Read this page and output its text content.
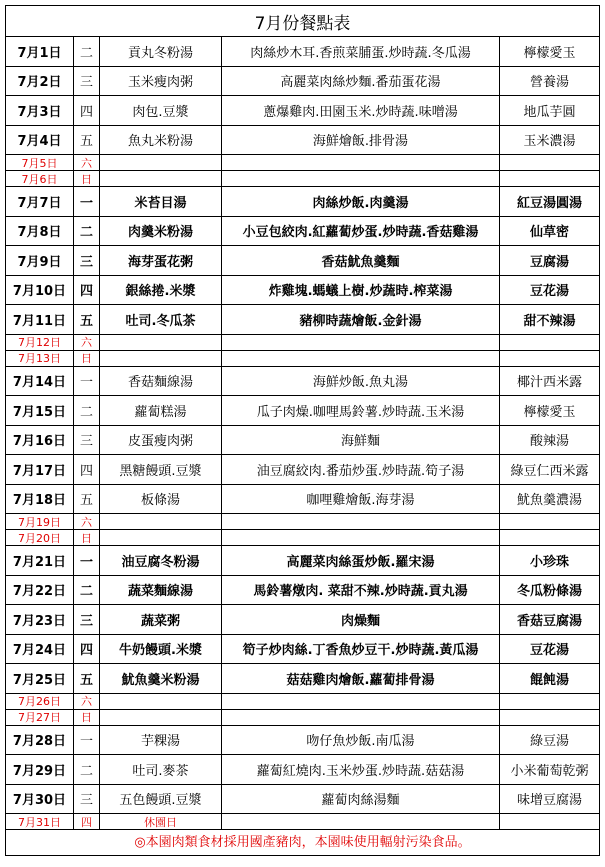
7月份餐點表
7月1日	二	貢丸冬粉湯	肉絲炒木耳.香煎菜脯蛋.炒時蔬.冬瓜湯	檸檬愛玉
7月2日	三	玉米瘦肉粥	高麗菜肉絲炒麵.番茄蛋花湯	營養湯
7月3日	四	肉包.豆漿	蔥爆雞肉.田園玉米.炒時蔬.味噌湯	地瓜芋圓
7月4日	五	魚丸米粉湯	海鮮燴飯.排骨湯	玉米濃湯
7月5日	六
7月6日	日
7月7日	一	米苔目湯	肉絲炒飯.肉羹湯	紅豆湯圓湯
7月8日	二	肉羹米粉湯	小豆包絞肉.紅蘿蔔炒蛋.炒時蔬.香菇雞湯	仙草密
7月9日	三	海芽蛋花粥	香菇魷魚羹麵	豆腐湯
7月10日	四	銀絲捲.米漿	炸雞塊.螞蟻上樹.炒蔬時.榨菜湯	豆花湯
7月11日	五	吐司.冬瓜茶	豬柳時蔬燴飯.金針湯	甜不辣湯
7月12日	六
7月13日	日
7月14日	一	香菇麵線湯	海鮮炒飯.魚丸湯	椰汁西米露
7月15日	二	蘿蔔糕湯	瓜子肉燥.咖哩馬鈴薯.炒時蔬.玉米湯	檸檬愛玉
7月16日	三	皮蛋瘦肉粥	海鮮麵	酸辣湯
7月17日	四	黑糖饅頭.豆漿	油豆腐絞肉.番茄炒蛋.炒時蔬.筍子湯	綠豆仁西米露
7月18日	五	板條湯	咖哩雞燴飯.海芽湯	魷魚羹濃湯
7月19日	六
7月20日	日
7月21日	一	油豆腐冬粉湯	高麗菜肉絲蛋炒飯.羅宋湯	小珍珠
7月22日	二	蔬菜麵線湯	馬鈴薯燉肉. 菜甜不辣.炒時蔬.貢丸湯	冬瓜粉條湯
7月23日	三	蔬菜粥	肉燥麵	香菇豆腐湯
7月24日	四	牛奶饅頭.米漿	筍子炒肉絲.丁香魚炒豆干.炒時蔬.黃瓜湯	豆花湯
7月25日	五	魷魚羹米粉湯	菇菇雞肉燴飯.蘿蔔排骨湯	餛飩湯
7月26日	六
7月27日	日
7月28日	一	芋粿湯	吻仔魚炒飯.南瓜湯	綠豆湯
7月29日	二	吐司.麥茶	蘿蔔紅燒肉.玉米炒蛋.炒時蔬.菇菇湯	小米葡萄乾粥
7月30日	三	五色饅頭.豆漿	蘿蔔肉絲湯麵	味增豆腐湯
7月31日	四	休園日
◎本園肉類食材採用國產豬肉，本園味使用輻射污染食品。
